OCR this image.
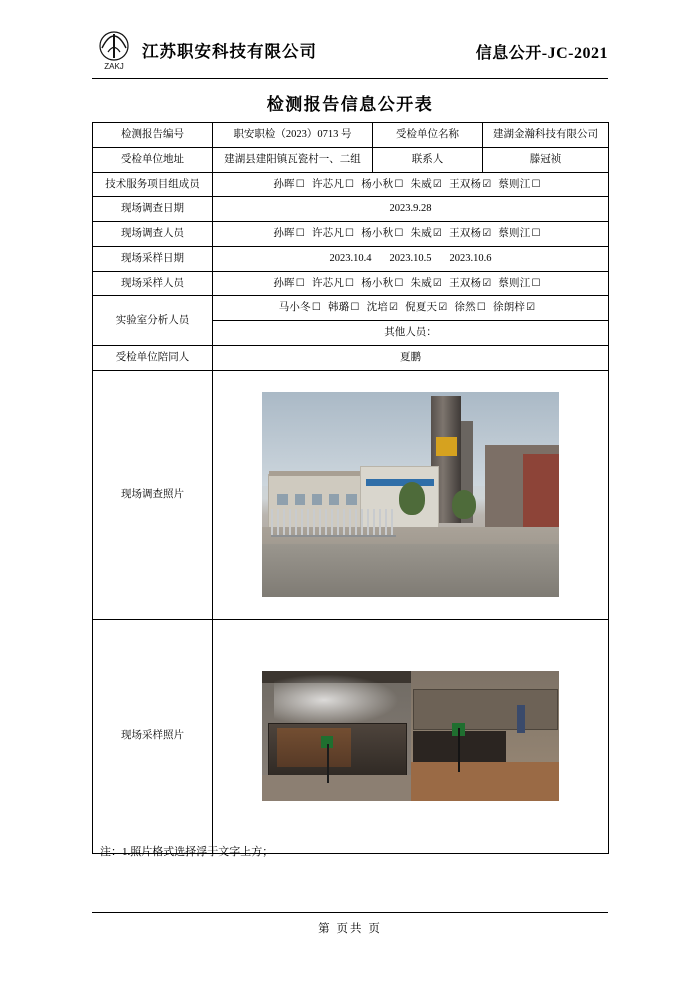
ZAKJ
江苏职安科技有限公司	信息公开-JC-2021
检测报告信息公开表
检测报告编号	职安职检（2023）0713 号	受检单位名称	建湖金瀚科技有限公司
受检单位地址	建湖县建阳镇瓦瓷村一、二组	联系人	滕冠祯
技术服务项目组成员	孙晖☐ 许芯凡☐ 杨小秋☐ 朱威☑ 王双杨☑ 蔡则江☐		
现场调查日期	2023.9.28		
现场调查人员	孙晖☐ 许芯凡☐ 杨小秋☐ 朱威☑ 王双杨☑ 蔡则江☐		
现场采样日期	2023.10.4 2023.10.5 2023.10.6		
现场采样人员	孙晖☐ 许芯凡☐ 杨小秋☐ 朱威☑ 王双杨☑ 蔡则江☐		
实验室分析人员	马小冬☐ 韩璐☐ 沈培☑ 倪夏天☑ 徐然☐ 徐朗梓☑		
	其他人员：		
受检单位陪同人	夏鹏		
现场调查照片			

现场采样照片			
注：1.照片格式选择浮于文字上方；
第 页共 页
